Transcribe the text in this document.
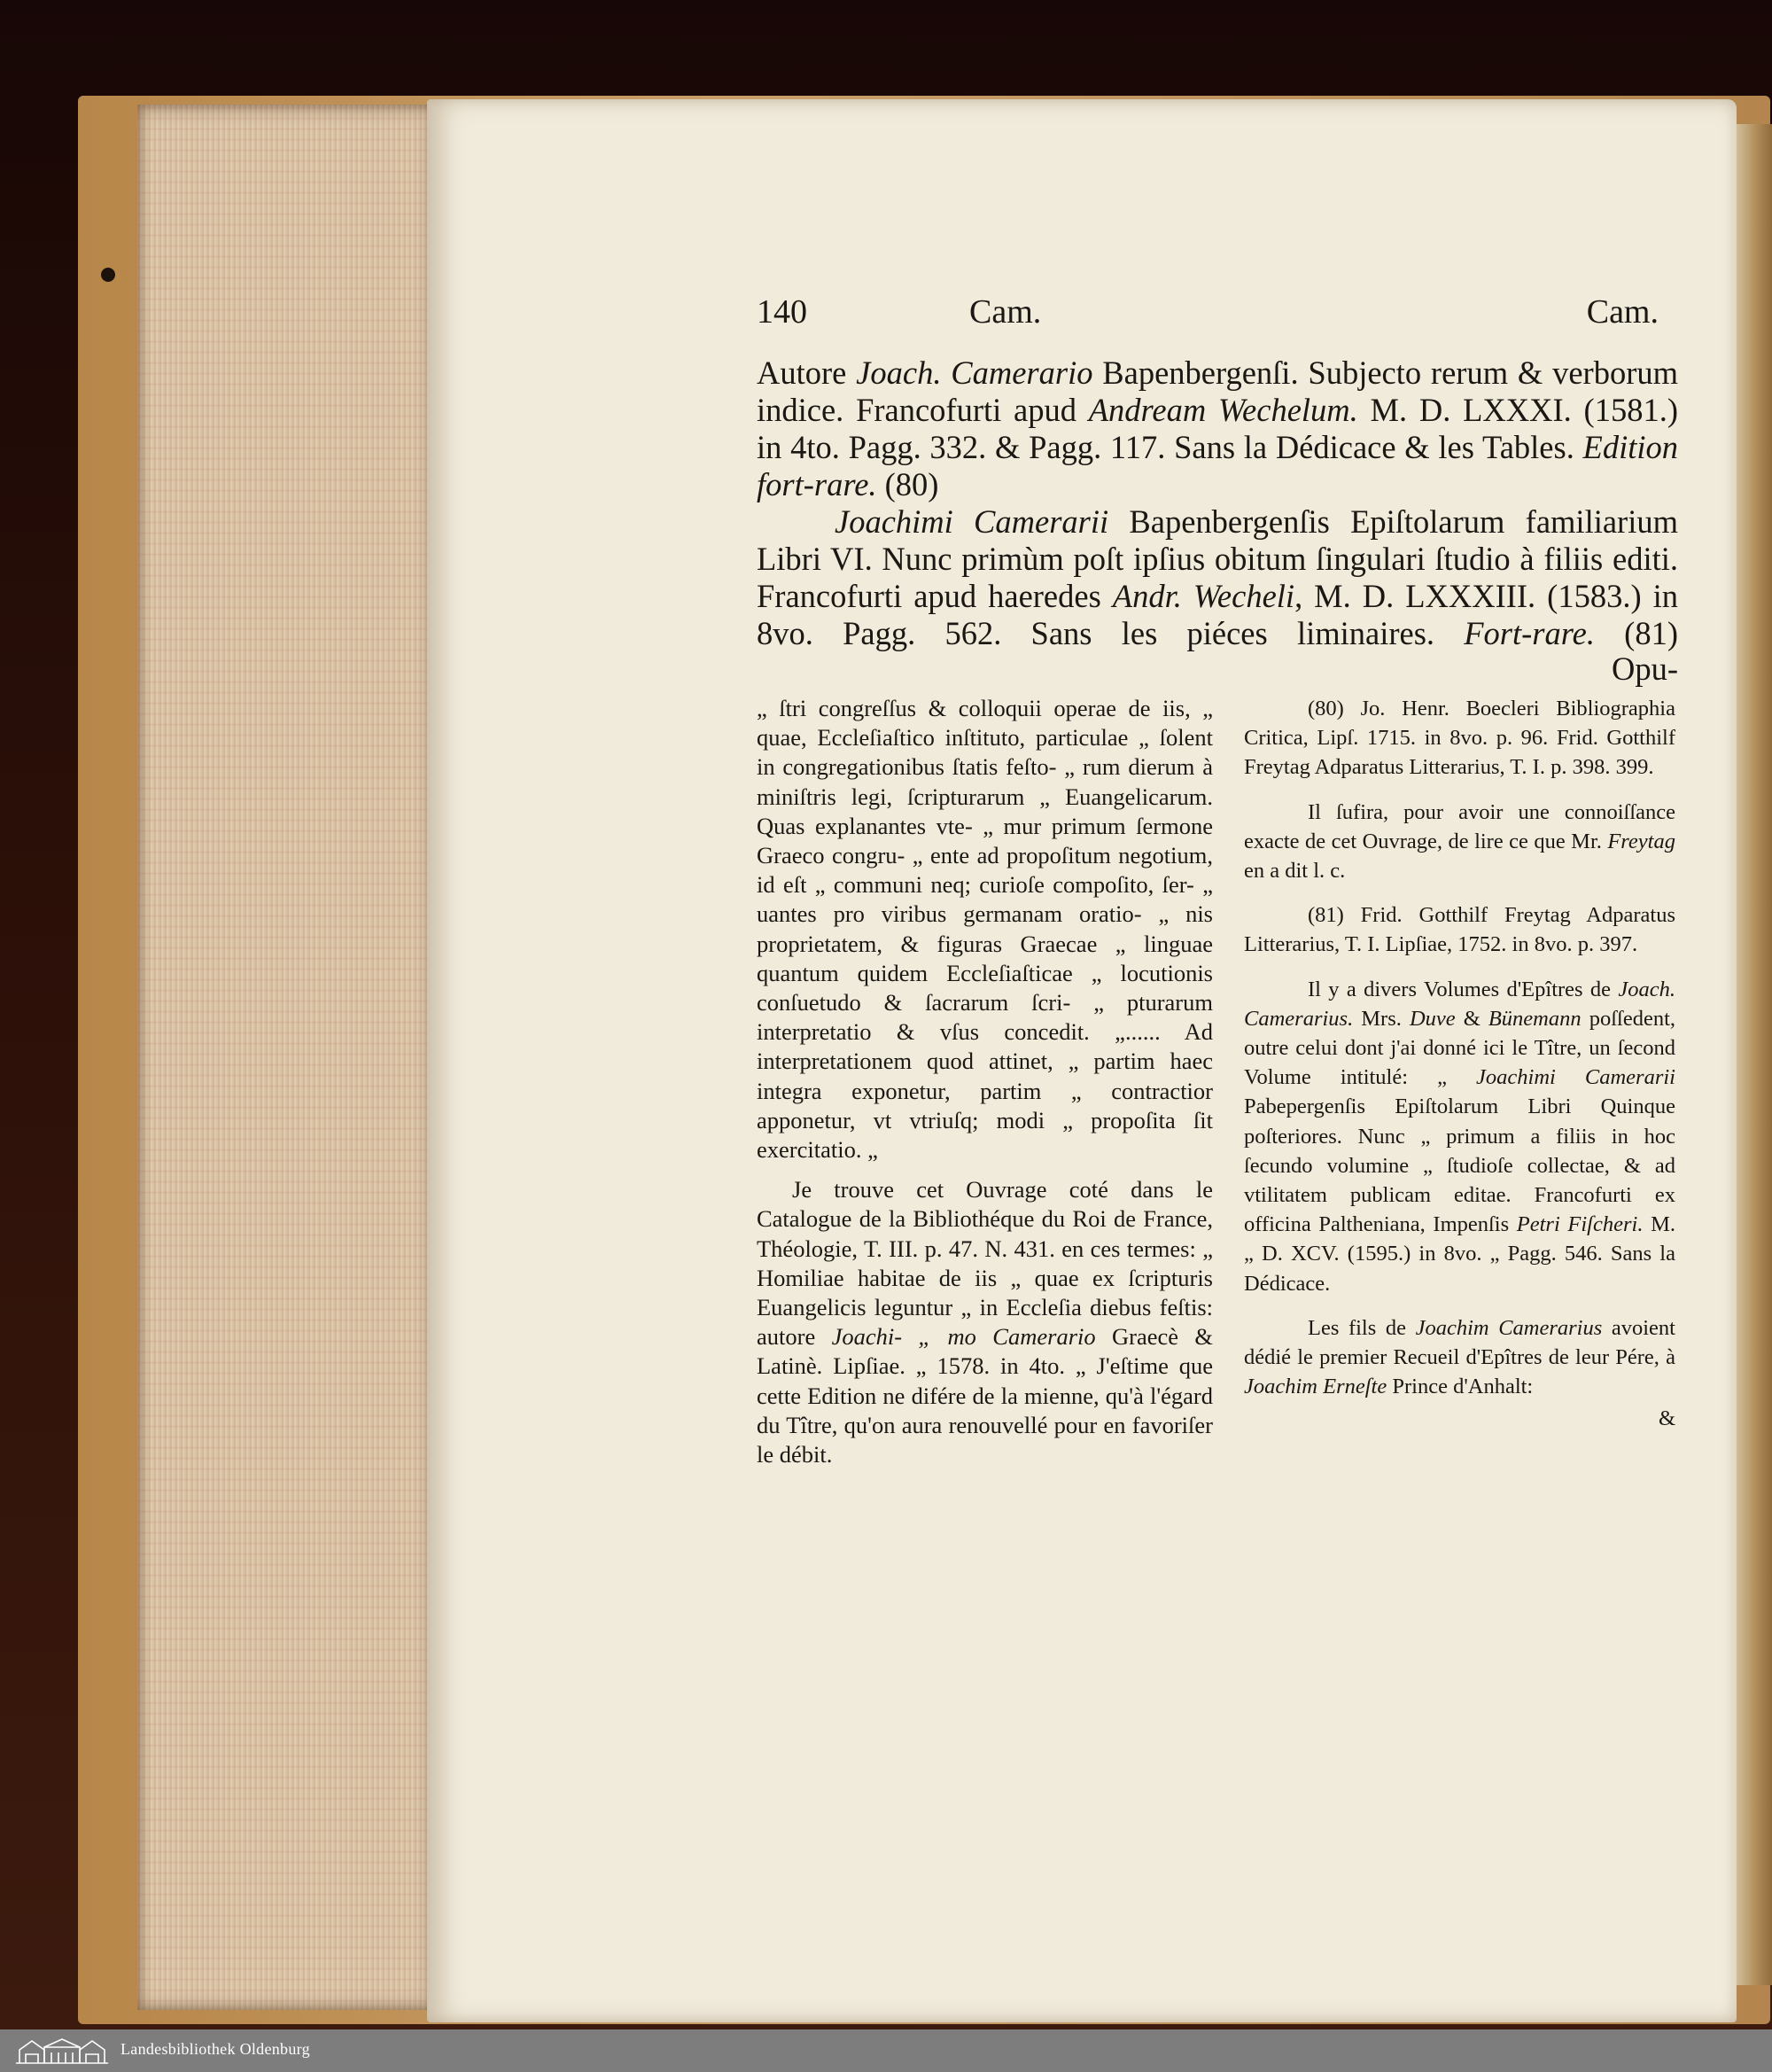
140	Cam.	Cam.

Autore Joach. Camerario Bapenbergenſi. Subjecto rerum & verborum indice. Francofurti apud Andream Wechelum. M. D. LXXXI. (1581.) in 4to. Pagg. 332. & Pagg. 117. Sans la Dédicace & les Tables. Edition fort-rare. (80)

Joachimi Camerarii Bapenbergenſis Epiſtolarum familiarium Libri VI. Nunc primùm poſt ipſius obitum ſingulari ſtudio à filiis editi. Francofurti apud haeredes Andr. Wecheli, M. D. LXXXIII. (1583.) in 8vo. Pagg. 562. Sans les piéces liminaires. Fort-rare. (81)

Opu-

„ ſtri congreſſus & colloquii operae de iis, „ quae, Eccleſiaſtico inſtituto, particulae „ ſolent in congregationibus ſtatis feſto- „ rum dierum à miniſtris legi, ſcripturarum „ Euangelicarum. Quas explanantes vte- „ mur primum ſermone Graeco congru- „ ente ad propoſitum negotium, id eſt „ communi neq; curioſe compoſito, ſer- „ uantes pro viribus germanam oratio- „ nis proprietatem, & figuras Graecae „ linguae quantum quidem Eccleſiaſticae „ locutionis conſuetudo & ſacrarum ſcri- „ pturarum interpretatio & vſus concedit. „...... Ad interpretationem quod attinet, „ partim haec integra exponetur, partim „ contractior apponetur, vt vtriuſq; modi „ propoſita ſit exercitatio. „

Je trouve cet Ouvrage coté dans le Catalogue de la Bibliothéque du Roi de France, Théologie, T. III. p. 47. N. 431. en ces termes: „ Homiliae habitae de iis „ quae ex ſcripturis Euangelicis leguntur „ in Eccleſia diebus feſtis: autore Joachi- „ mo Camerario Graecè & Latinè. Lipſiae. „ 1578. in 4to. „ J'eſtime que cette Edition ne difére de la mienne, qu'à l'égard du Tître, qu'on aura renouvellé pour en favoriſer le débit.

(80) Jo. Henr. Boecleri Bibliographia Critica, Lipſ. 1715. in 8vo. p. 96. Frid. Gotthilf Freytag Adparatus Litterarius, T. I. p. 398. 399.

Il ſufira, pour avoir une connoiſſance exacte de cet Ouvrage, de lire ce que Mr. Freytag en a dit l. c.

(81) Frid. Gotthilf Freytag Adparatus Litterarius, T. I. Lipſiae, 1752. in 8vo. p. 397.

Il y a divers Volumes d'Epîtres de Joach. Camerarius. Mrs. Duve & Bünemann poſſedent, outre celui dont j'ai donné ici le Tître, un ſecond Volume intitulé: „ Joachimi Camerarii Pabepergenſis Epiſtolarum Libri Quinque poſteriores. Nunc „ primum a filiis in hoc ſecundo volumine „ ſtudioſe collectae, & ad vtilitatem publicam editae. Francofurti ex officina Paltheniana, Impenſis Petri Fiſcheri. M. „ D. XCV. (1595.) in 8vo. „ Pagg. 546. Sans la Dédicace.

Les fils de Joachim Camerarius avoient dédié le premier Recueil d'Epîtres de leur Pére, à Joachim Erneſte Prince d'Anhalt:

&

Landesbibliothek Oldenburg
